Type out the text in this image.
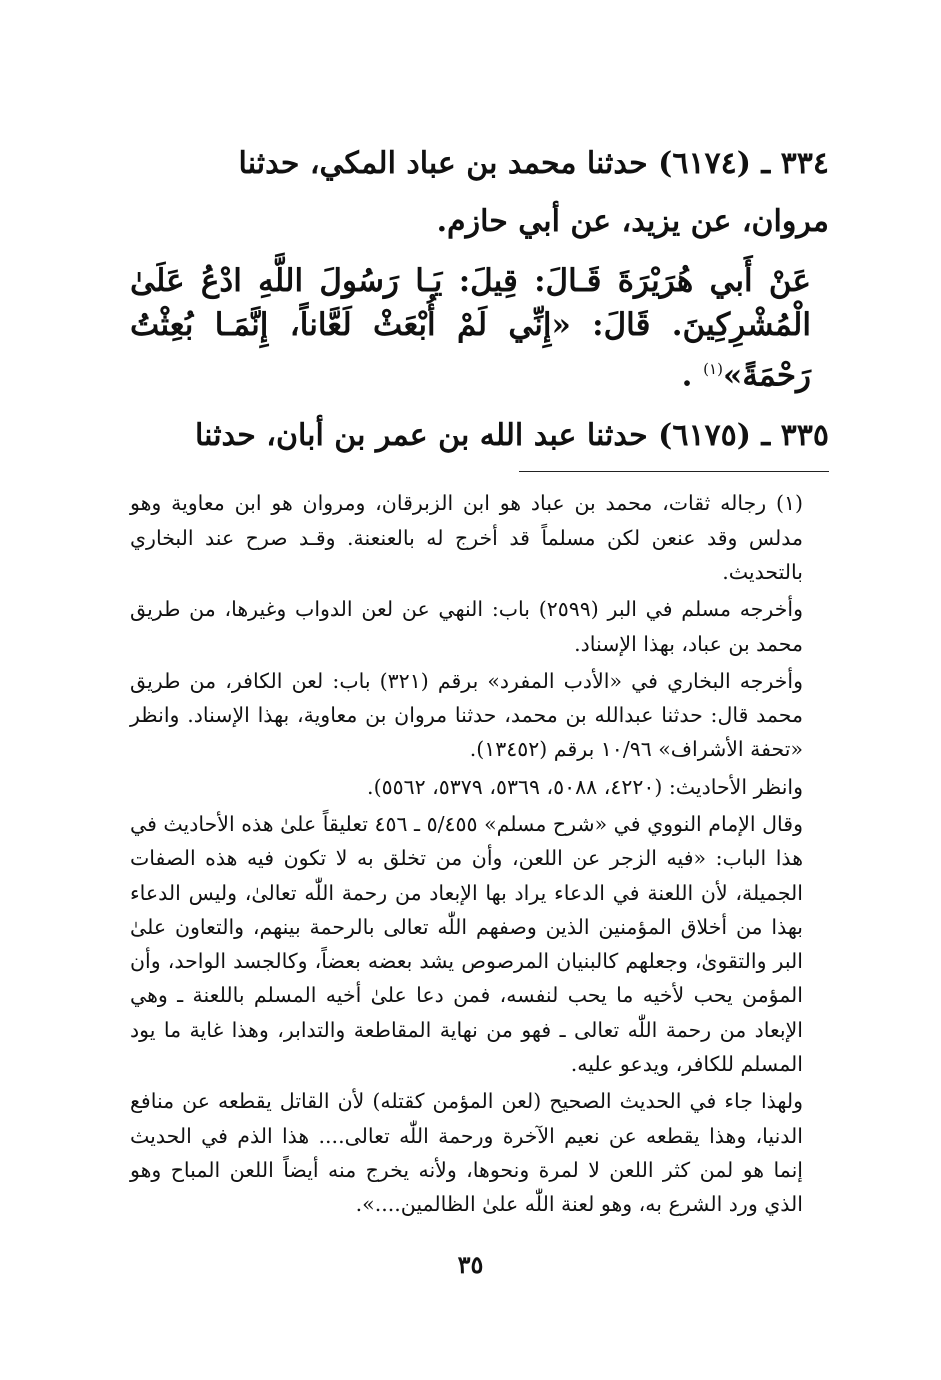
٣٣٤ ـ (٦١٧٤) حدثنا محمد بن عباد المكي، حدثنا
مروان، عن يزيد، عن أبي حازم.
عَنْ أَبي هُرَيْرَةَ قَـالَ: قِيلَ: يَـا رَسُولَ اللَّهِ ادْعُ عَلَىٰ الْمُشْرِكِينَ. قَالَ: «إِنِّي لَمْ أُبْعَثْ لَعَّاناً، إِنَّمَـا بُعِثْتُ رَحْمَةً»$^{(١)}$ .
٣٣٥ ـ (٦١٧٥) حدثنا عبد الله بن عمر بن أبان، حدثنا

(١) رجاله ثقات، محمد بن عباد هو ابن الزبرقان، ومروان هو ابن معاوية وهو مدلس وقد عنعن لكن مسلماً قد أخرج له بالعنعنة. وقـد صرح عند البخاري بالتحديث.

وأخرجه مسلم في البر (٢٥٩٩) باب: النهي عن لعن الدواب وغيرها، من طريق محمد بن عباد، بهذا الإسناد.

وأخرجه البخاري في «الأدب المفرد» برقم (٣٢١) باب: لعن الكافر، من طريق محمد قال: حدثنا عبدالله بن محمد، حدثنا مروان بن معاوية، بهذا الإسناد. وانظر «تحفة الأشراف» ١٠/٩٦ برقم (١٣٤٥٢).

وانظر الأحاديث: (٤٢٢٠، ٥٠٨٨، ٥٣٦٩، ٥٣٧٩، ٥٥٦٢).

وقال الإمام النووي في «شرح مسلم» ٥/٤٥٥ ـ ٤٥٦ تعليقاً علىٰ هذه الأحاديث في هذا الباب: «فيه الزجر عن اللعن، وأن من تخلق به لا تكون فيه هذه الصفات الجميلة، لأن اللعنة في الدعاء يراد بها الإبعاد من رحمة اللّٰه تعالىٰ، وليس الدعاء بهذا من أخلاق المؤمنين الذين وصفهم اللّٰه تعالى بالرحمة بينهم، والتعاون علىٰ البر والتقوىٰ، وجعلهم كالبنيان المرصوص يشد بعضه بعضاً، وكالجسد الواحد، وأن المؤمن يحب لأخيه ما يحب لنفسه، فمن دعا علىٰ أخيه المسلم باللعنة ـ وهي الإبعاد من رحمة اللّٰه تعالى ـ فهو من نهاية المقاطعة والتدابر، وهذا غاية ما يود المسلم للكافر، ويدعو عليه.

ولهذا جاء في الحديث الصحيح (لعن المؤمن كقتله) لأن القاتل يقطعه عن منافع الدنيا، وهذا يقطعه عن نعيم الآخرة ورحمة اللّٰه تعالى.... هذا الذم في الحديث إنما هو لمن كثر اللعن لا لمرة ونحوها، ولأنه يخرج منه أيضاً اللعن المباح وهو الذي ورد الشرع به، وهو لعنة اللّٰه علىٰ الظالمين....».

٣٥
